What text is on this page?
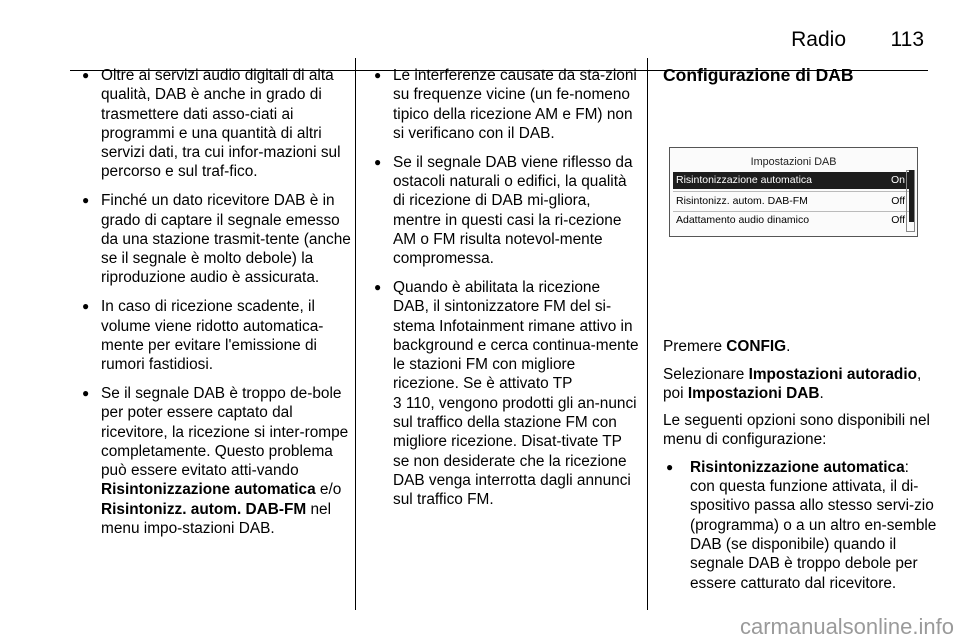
Radio 113
● Oltre ai servizi audio digitali di alta qualità, DAB è anche in grado di trasmettere dati asso-ciati ai programmi e una quantità di altri servizi dati, tra cui infor-mazioni sul percorso e sul traf-fico.
● Finché un dato ricevitore DAB è in grado di captare il segnale emesso da una stazione trasmit-tente (anche se il segnale è molto debole) la riproduzione audio è assicurata.
● In caso di ricezione scadente, il volume viene ridotto automatica-mente per evitare l'emissione di rumori fastidiosi.
● Se il segnale DAB è troppo de-bole per poter essere captato dal ricevitore, la ricezione si inter-rompe completamente. Questo problema può essere evitato atti-vando Risintonizzazione automatica e/o Risintonizz. autom. DAB-FM nel menu impo-stazioni DAB.
● Le interferenze causate da sta-zioni su frequenze vicine (un fe-nomeno tipico della ricezione AM e FM) non si verificano con il DAB.
● Se il segnale DAB viene riflesso da ostacoli naturali o edifici, la qualità di ricezione di DAB mi-gliora, mentre in questi casi la ri-cezione AM o FM risulta notevol-mente compromessa.
● Quando è abilitata la ricezione DAB, il sintonizzatore FM del si-stema Infotainment rimane attivo in background e cerca continua-mente le stazioni FM con migliore ricezione. Se è attivato TP
3 110, vengono prodotti gli an-nunci sul traffico della stazione FM con migliore ricezione. Disat-tivate TP se non desiderate che la ricezione DAB venga interrotta dagli annunci sul traffico FM.
Configurazione di DAB
Impostazioni DAB
Risintonizzazione automatica	On
Risintonizz. autom. DAB-FM	Off
Adattamento audio dinamico	Off

Premere CONFIG.

Selezionare Impostazioni autoradio, poi Impostazioni DAB.

Le seguenti opzioni sono disponibili nel menu di configurazione:

● Risintonizzazione automatica:
con questa funzione attivata, il di-spositivo passa allo stesso servi-zio (programma) o a un altro en-semble DAB (se disponibile) quando il segnale DAB è troppo debole per essere catturato dal ricevitore.
carmanualsonline.info
